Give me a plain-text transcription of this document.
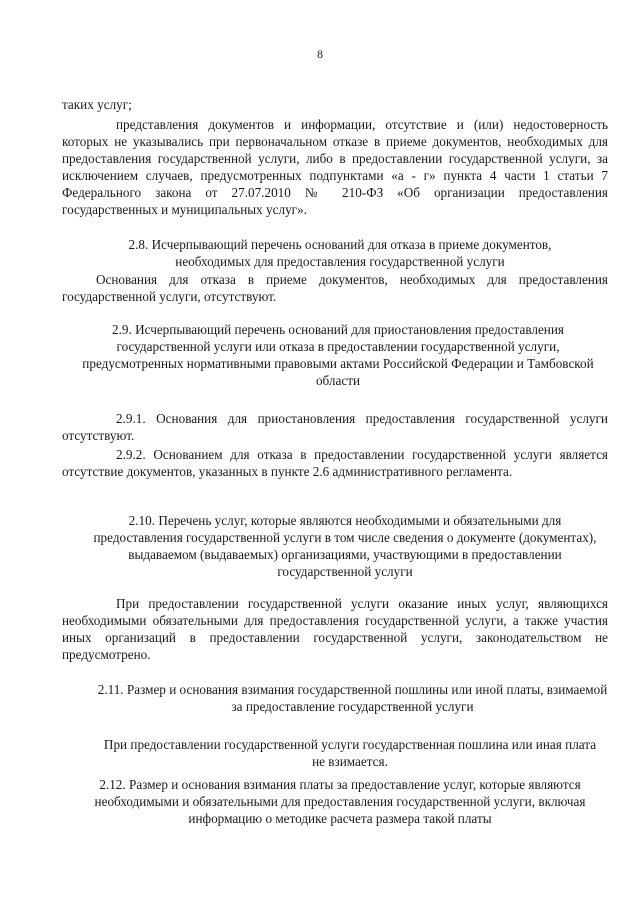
8

таких услуг;

представления документов и информации, отсутствие и (или) недостоверность которых не указывались при первоначальном отказе в приеме документов, необходимых для предоставления государственной услуги, либо в предоставлении государственной услуги, за исключением случаев, предусмотренных подпунктами «а - г» пункта 4 части 1 статьи 7 Федерального закона от 27.07.2010 № 210-ФЗ «Об организации предоставления государственных и муниципальных услуг».

2.8. Исчерпывающий перечень оснований для отказа в приеме документов, необходимых для предоставления государственной услуги

Основания для отказа в приеме документов, необходимых для предоставления государственной услуги, отсутствуют.

2.9. Исчерпывающий перечень оснований для приостановления предоставления государственной услуги или отказа в предоставлении государственной услуги, предусмотренных нормативными правовыми актами Российской Федерации и Тамбовской области

2.9.1. Основания для приостановления предоставления государственной услуги отсутствуют.

2.9.2. Основанием для отказа в предоставлении государственной услуги является отсутствие документов, указанных в пункте 2.6 административного регламента.

2.10. Перечень услуг, которые являются необходимыми и обязательными для предоставления государственной услуги в том числе сведения о документе (документах), выдаваемом (выдаваемых) организациями, участвующими в предоставлении государственной услуги

При предоставлении государственной услуги оказание иных услуг, являющихся необходимыми обязательными для предоставления государственной услуги, а также участия иных организаций в предоставлении государственной услуги, законодательством не предусмотрено.

2.11. Размер и основания взимания государственной пошлины или иной платы, взимаемой за предоставление государственной услуги

При предоставлении государственной услуги государственная пошлина или иная плата не взимается.

2.12. Размер и основания взимания платы за предоставление услуг, которые являются необходимыми и обязательными для предоставления государственной услуги, включая информацию о методике расчета размера такой платы
